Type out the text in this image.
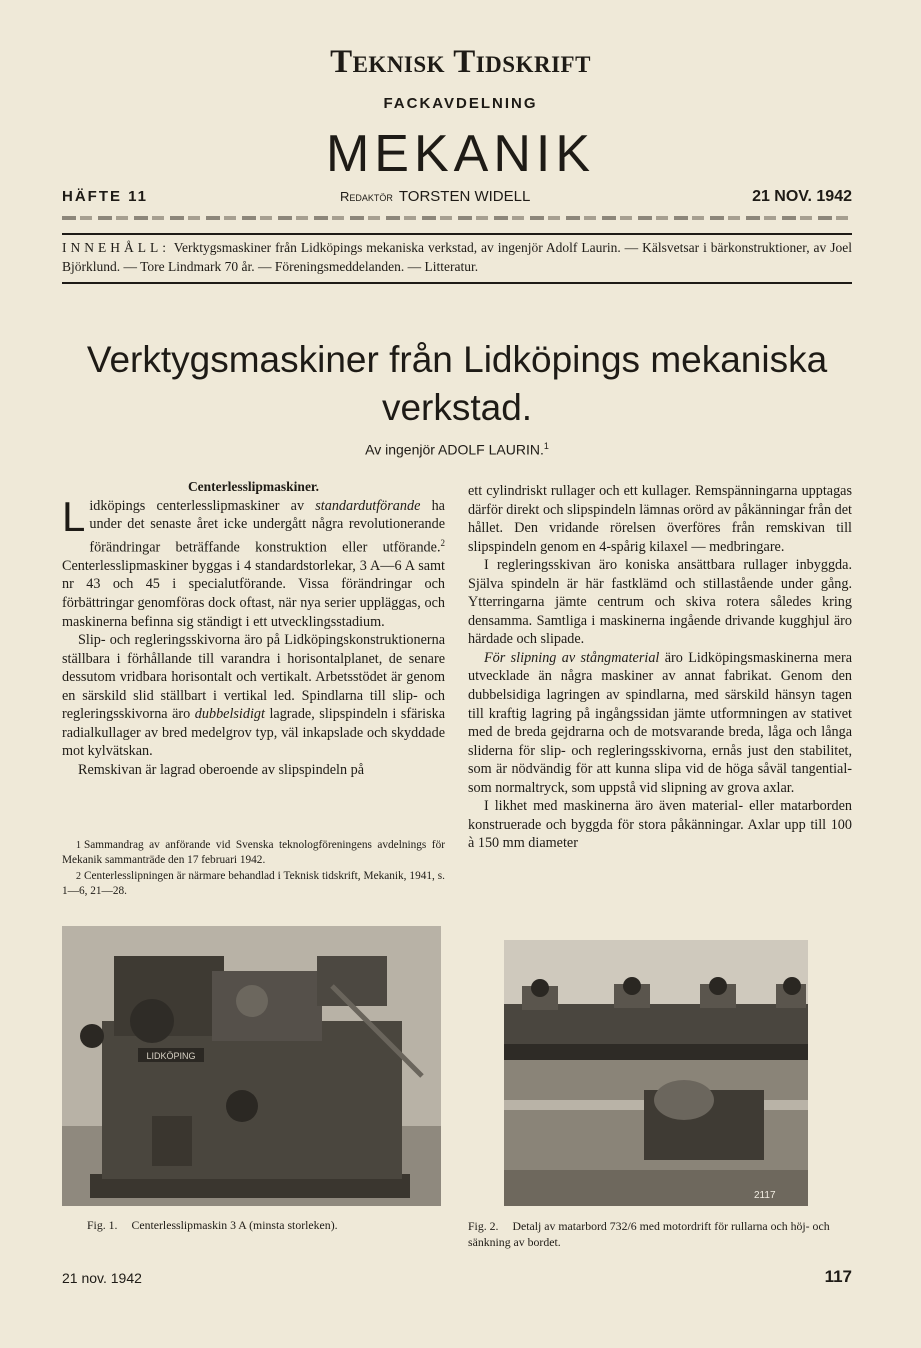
Teknisk Tidskrift
FACKAVDELNING
MEKANIK
HÄFTE 11	Redaktör TORSTEN WIDELL	21 NOV. 1942
INNEHÅLL: Verktygsmaskiner från Lidköpings mekaniska verkstad, av ingenjör Adolf Laurin. — Kälsvetsar i bärkonstruktioner, av Joel Björklund. — Tore Lindmark 70 år. — Föreningsmeddelanden. — Litteratur.
Verktygsmaskiner från Lidköpings mekaniska verkstad.
Av ingenjör ADOLF LAURIN.$^1$

Centerlesslipmaskiner.

Lidköpings centerlesslipmaskiner av standardutförande ha under det senaste året icke undergått några revolutionerande förändringar beträffande konstruktion eller utförande.$^2$ Centerlesslipmaskiner byggas i 4 standardstorlekar, 3 A—6 A samt nr 43 och 45 i specialutförande. Vissa förändringar och förbättringar genomföras dock oftast, när nya serier uppläggas, och maskinerna befinna sig ständigt i ett utvecklingsstadium.

Slip- och regleringsskivorna äro på Lidköpingskonstruktionerna ställbara i förhållande till varandra i horisontalplanet, de senare dessutom vridbara horisontalt och vertikalt. Arbetsstödet är genom en särskild slid ställbart i vertikal led. Spindlarna till slip- och regleringsskivorna äro dubbelsidigt lagrade, slipspindeln i sfäriska radialkullager av bred medelgrov typ, väl inkapslade och skyddade mot kylvätskan.

Remskivan är lagrad oberoende av slipspindeln på

1 Sammandrag av anförande vid Svenska teknologföreningens avdelnings för Mekanik sammanträde den 17 februari 1942.

2 Centerlesslipningen är närmare behandlad i Teknisk tidskrift, Mekanik, 1941, s. 1—6, 21—28.

ett cylindriskt rullager och ett kullager. Remspänningarna upptagas därför direkt och slipspindeln lämnas orörd av påkänningar från det hållet. Den vridande rörelsen överföres från remskivan till slipspindeln genom en 4-spårig kilaxel — medbringare.

I regleringsskivan äro koniska ansättbara rullager inbyggda. Själva spindeln är här fastklämd och stillastående under gång. Ytterringarna jämte centrum och skiva rotera således kring densamma. Samtliga i maskinerna ingående drivande kugghjul äro härdade och slipade.

För slipning av stångmaterial äro Lidköpingsmaskinerna mera utvecklade än några maskiner av annat fabrikat. Genom den dubbelsidiga lagringen av spindlarna, med särskild hänsyn tagen till kraftig lagring på ingångssidan jämte utformningen av stativet med de breda gejdrarna och de motsvarande breda, låga och långa sliderna för slip- och regleringsskivorna, ernås just den stabilitet, som är nödvändig för att kunna slipa vid de höga såväl tangential- som normaltryck, som uppstå vid slipning av grova axlar.

I likhet med maskinerna äro även material- eller matarborden konstruerade och byggda för stora påkänningar. Axlar upp till 100 à 150 mm diameter

LIDKÖPING
2117
Fig. 1. Centerlesslipmaskin 3 A (minsta storleken).	Fig. 2. Detalj av matarbord 732/6 med motordrift för rullarna och höj- och sänkning av bordet.
21 nov. 1942	117
